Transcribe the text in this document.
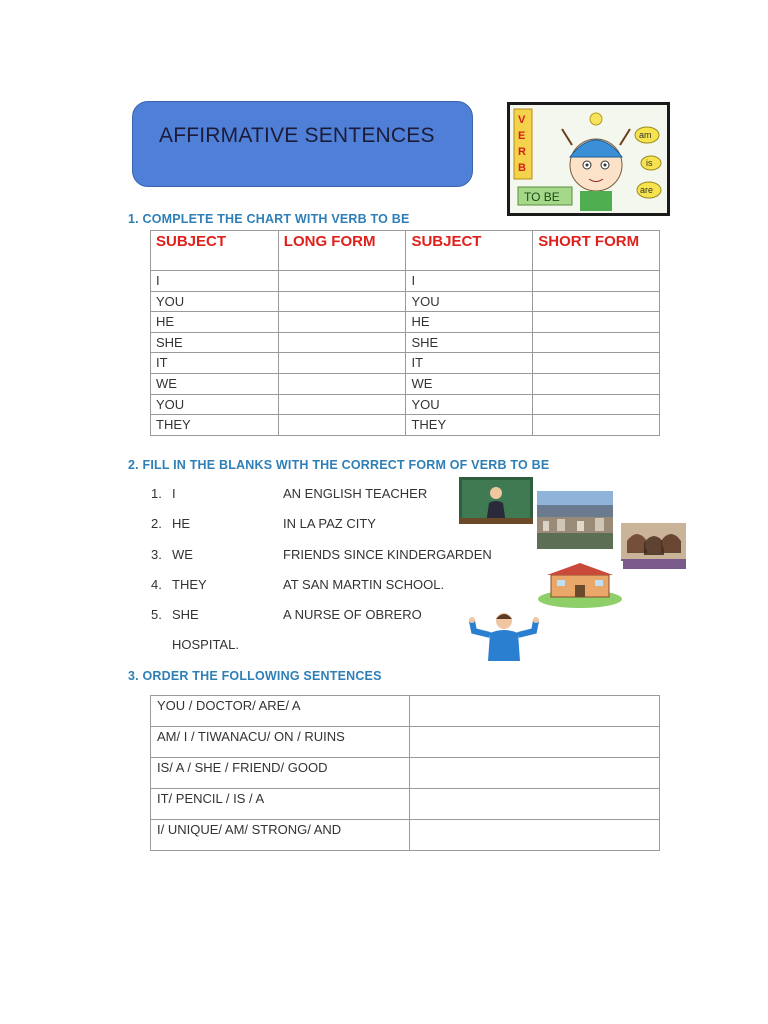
AFFIRMATIVE SENTENCES
V
E
R
B
am
is
are
TO BE
1. COMPLETE THE CHART WITH VERB TO BE
SUBJECT	LONG FORM	SUBJECT	SHORT FORM
I		I	
YOU		YOU	
HE		HE	
SHE		SHE	
IT		IT	
WE		WE	
YOU		YOU	
THEY		THEY	
2. FILL IN THE BLANKS WITH THE CORRECT FORM OF VERB TO BE
1. I	AN ENGLISH TEACHER
2. HE	IN LA PAZ CITY
3. WE	FRIENDS SINCE KINDERGARDEN
4. THEY	AT SAN MARTIN SCHOOL.
5. SHE	A NURSE OF OBRERO
HOSPITAL.
3. ORDER THE FOLLOWING SENTENCES
YOU / DOCTOR/ ARE/ A	
AM/ I / TIWANACU/ ON / RUINS	
IS/ A / SHE / FRIEND/ GOOD	
IT/ PENCIL / IS / A	
I/ UNIQUE/ AM/ STRONG/ AND	
